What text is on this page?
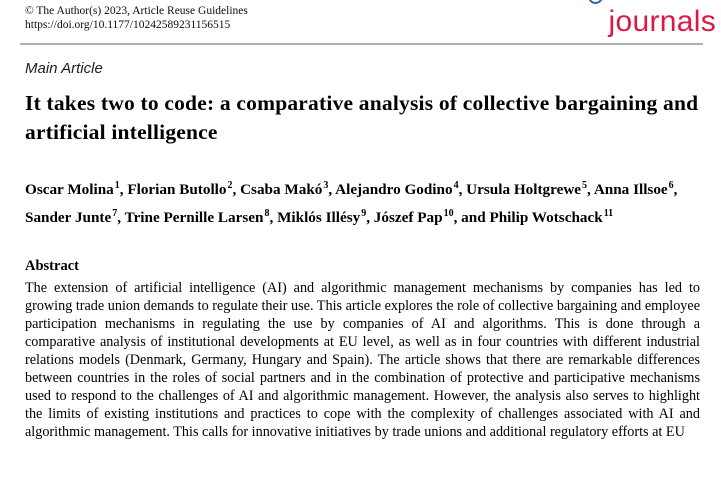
© The Author(s) 2023, Article Reuse Guidelines
https://doi.org/10.1177/10242589231156515	journals
Main Article
It takes two to code: a comparative analysis of collective bargaining and artificial intelligence

Oscar Molina$^1$, Florian Butollo$^2$, Csaba Makó$^3$, Alejandro Godino$^4$, Ursula Holtgrewe$^5$, Anna Illsoe$^6$, Sander Junte$^7$, Trine Pernille Larsen$^8$, Miklós Illésy$^9$, Jószef Pap$^{10}$, and Philip Wotschack$^{11}$

Abstract

The extension of artificial intelligence (AI) and algorithmic management mechanisms by companies has led to growing trade union demands to regulate their use. This article explores the role of collective bargaining and employee participation mechanisms in regulating the use by companies of AI and algorithms. This is done through a comparative analysis of institutional developments at EU level, as well as in four countries with different industrial relations models (Denmark, Germany, Hungary and Spain). The article shows that there are remarkable differences between countries in the roles of social partners and in the combination of protective and participative mechanisms used to respond to the challenges of AI and algorithmic management. However, the analysis also serves to highlight the limits of existing institutions and practices to cope with the complexity of challenges associated with AI and algorithmic management. This calls for innovative initiatives by trade unions and additional regulatory efforts at EU
